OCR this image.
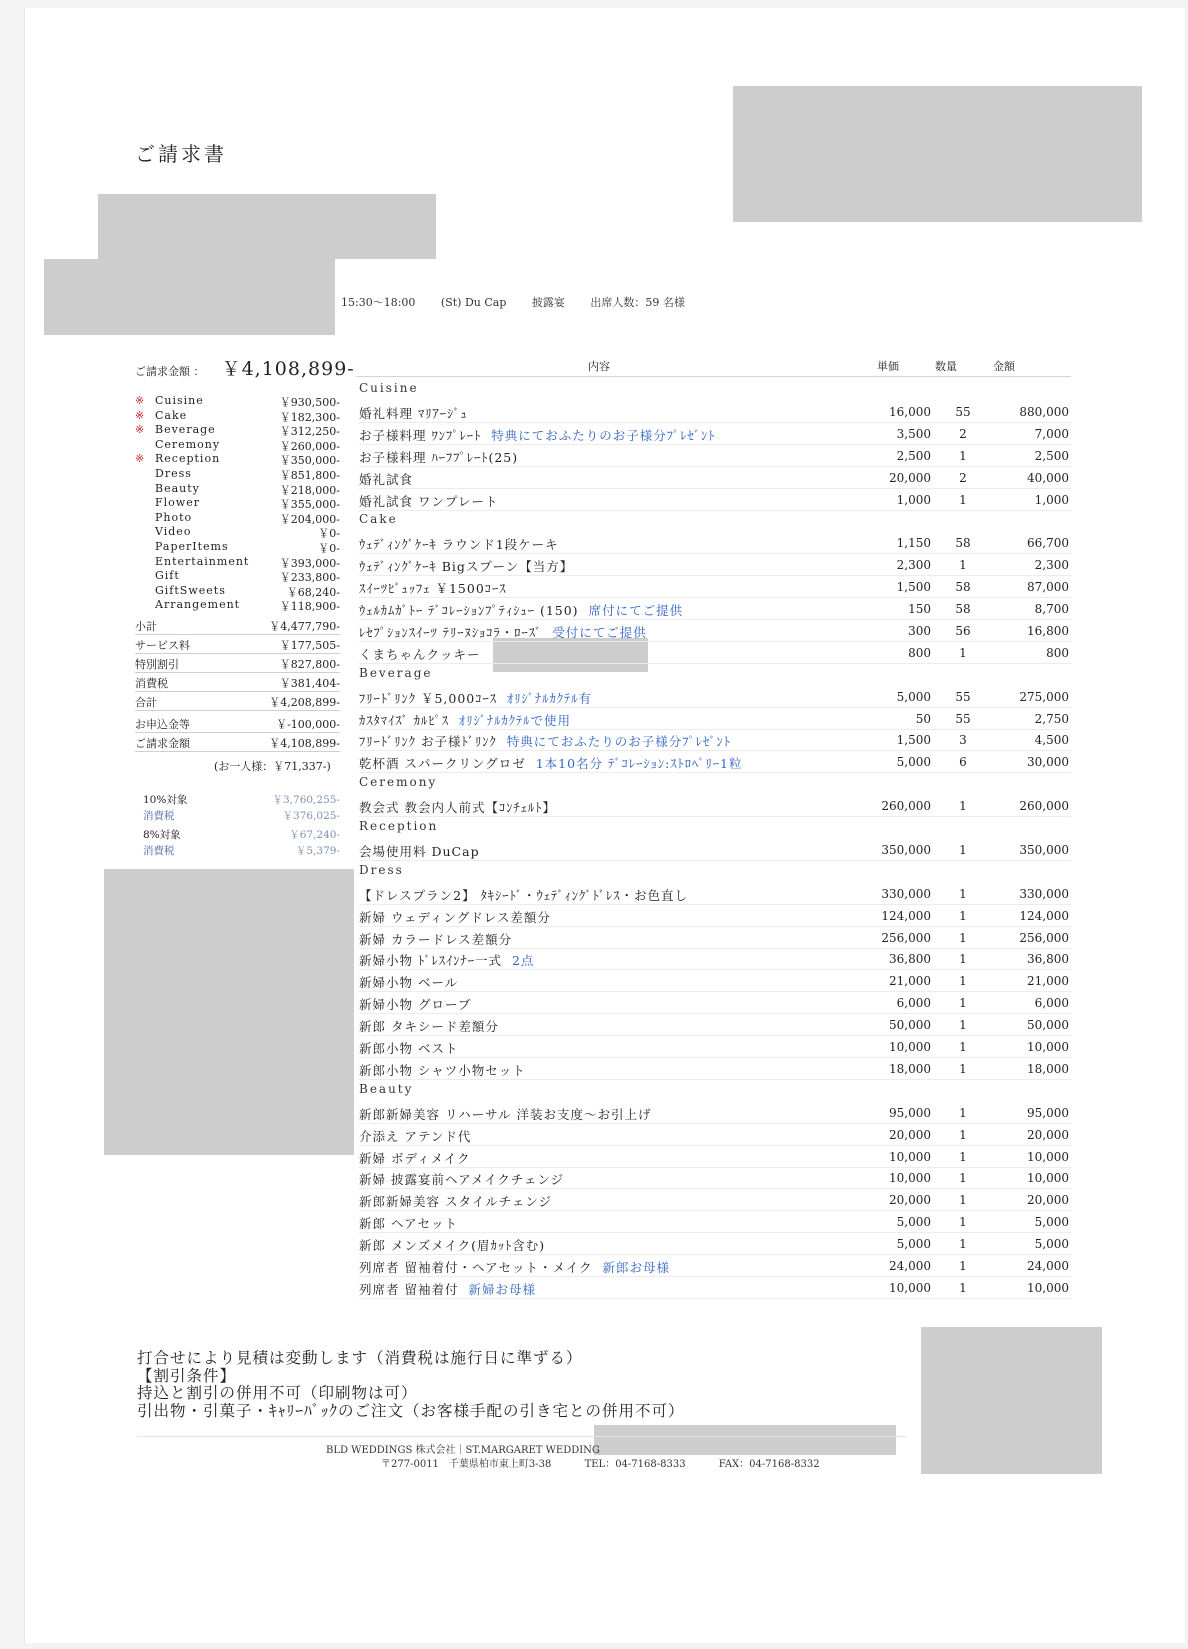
ご請求書
15:30〜18:00 (St) Du Cap 披露宴 出席人数：59 名様
ご請求金額 ： ￥4,108,899-
※ Cuisine	￥930,500-
※ Cake	￥182,300-
※ Beverage	￥312,250-
Ceremony	￥260,000-
※ Reception	￥350,000-
Dress	￥851,800-
Beauty	￥218,000-
Flower	￥355,000-
Photo	￥204,000-
Video	￥0-
PaperItems	￥0-
Entertainment	￥393,000-
Gift	￥233,800-
GiftSweets	￥68,240-
Arrangement	￥118,900-
小計	￥4,477,790-
サービス料	￥177,505-
特別割引	￥827,800-
消費税	￥381,404-
合計	￥4,208,899-
お申込金等	￥-100,000-
ご請求金額	￥4,108,899-
(お一人様：￥71,337-)
10%対象	￥3,760,255-
消費税	￥376,025-
8%対象	￥67,240-
消費税	￥5,379-
内容	単価	数量	金額
Cuisine
婚礼料理 ﾏﾘｱｰｼﾞｭ	16,000	55	880,000
お子様料理 ﾜﾝﾌﾟﾚｰﾄ 特典にておふたりのお子様分ﾌﾟﾚｾﾞﾝﾄ	3,500	2	7,000
お子様料理 ﾊｰﾌﾌﾟﾚｰﾄ(25)	2,500	1	2,500
婚礼試食	20,000	2	40,000
婚礼試食 ワンプレート	1,000	1	1,000
Cake
ｳｪﾃﾞｨﾝｸﾞｹｰｷ ラウンド1段ケーキ	1,150	58	66,700
ｳｪﾃﾞｨﾝｸﾞｹｰｷ Bigスプーン【当方】	2,300	1	2,300
ｽｲｰﾂﾋﾞｭｯﾌｪ ￥1500ｺｰｽ	1,500	58	87,000
ｳｪﾙｶﾑｶﾞﾄｰ ﾃﾞｺﾚｰｼｮﾝﾌﾟﾃｨｼｭｰ (150) 席付にてご提供	150	58	8,700
ﾚｾﾌﾟｼｮﾝｽｲｰﾂ ﾃﾘｰﾇｼｮｺﾗ・ﾛｰｽﾞ 受付にてご提供	300	56	16,800
くまちゃんクッキー	800	1	800
Beverage
ﾌﾘｰﾄﾞﾘﾝｸ ￥5,000ｺｰｽ ｵﾘｼﾞﾅﾙｶｸﾃﾙ有	5,000	55	275,000
ｶｽﾀﾏｲｽﾞ ｶﾙﾋﾟｽ ｵﾘｼﾞﾅﾙｶｸﾃﾙで使用	50	55	2,750
ﾌﾘｰﾄﾞﾘﾝｸ お子様ﾄﾞﾘﾝｸ 特典にておふたりのお子様分ﾌﾟﾚｾﾞﾝﾄ	1,500	3	4,500
乾杯酒 スパークリングロゼ 1本10名分 ﾃﾞｺﾚｰｼｮﾝ:ｽﾄﾛﾍﾞﾘｰ1粒	5,000	6	30,000
Ceremony
教会式 教会内人前式【ｺﾝﾁｪﾙﾄ】	260,000	1	260,000
Reception
会場使用料 DuCap	350,000	1	350,000
Dress
【ドレスプラン2】 ﾀｷｼｰﾄﾞ・ｳｪﾃﾞｨﾝｸﾞﾄﾞﾚｽ・お色直し	330,000	1	330,000
新婦 ウェディングドレス差額分	124,000	1	124,000
新婦 カラードレス差額分	256,000	1	256,000
新婦小物 ﾄﾞﾚｽｲﾝﾅｰ一式 2点	36,800	1	36,800
新婦小物 ベール	21,000	1	21,000
新婦小物 グローブ	6,000	1	6,000
新郎 タキシード差額分	50,000	1	50,000
新郎小物 ベスト	10,000	1	10,000
新郎小物 シャツ小物セット	18,000	1	18,000
Beauty
新郎新婦美容 リハーサル 洋装お支度〜お引上げ	95,000	1	95,000
介添え アテンド代	20,000	1	20,000
新婦 ボディメイク	10,000	1	10,000
新婦 披露宴前ヘアメイクチェンジ	10,000	1	10,000
新郎新婦美容 スタイルチェンジ	20,000	1	20,000
新郎 ヘアセット	5,000	1	5,000
新郎 メンズメイク(眉ｶｯﾄ含む)	5,000	1	5,000
列席者 留袖着付・ヘアセット・メイク 新郎お母様	24,000	1	24,000
列席者 留袖着付 新婦お母様	10,000	1	10,000
打合せにより見積は変動します（消費税は施行日に準ずる）
【割引条件】
持込と割引の併用不可（印刷物は可）
引出物・引菓子・ｷｬﾘｰﾊﾞｯｸのご注文（お客様手配の引き宅との併用不可）
BLD WEDDINGS 株式会社｜ST.MARGARET WEDDING
〒277-0011　千葉県柏市東上町3-38	TEL：04-7168-8333	FAX：04-7168-8332
